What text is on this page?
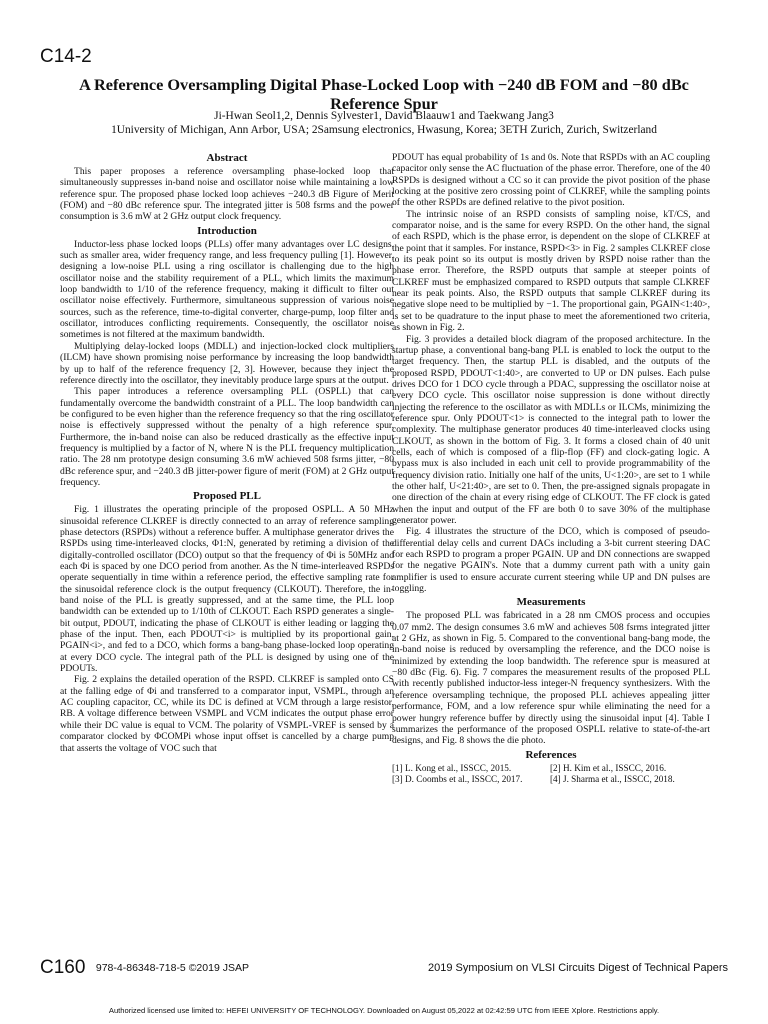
C14-2
A Reference Oversampling Digital Phase-Locked Loop with −240 dB FOM and −80 dBc Reference Spur
Ji-Hwan Seol1,2, Dennis Sylvester1, David Blaauw1 and Taekwang Jang3
1University of Michigan, Ann Arbor, USA; 2Samsung electronics, Hwasung, Korea; 3ETH Zurich, Zurich, Switzerland
Abstract

This paper proposes a reference oversampling phase-locked loop that simultaneously suppresses in-band noise and oscillator noise while maintaining a low reference spur. The proposed phase locked loop achieves −240.3 dB Figure of Merit (FOM) and −80 dBc reference spur. The integrated jitter is 508 fsrms and the power consumption is 3.6 mW at 2 GHz output clock frequency.

Introduction

Inductor-less phase locked loops (PLLs) offer many advantages over LC designs, such as smaller area, wider frequency range, and less frequency pulling [1]. However, designing a low-noise PLL using a ring oscillator is challenging due to the high oscillator noise and the stability requirement of a PLL, which limits the maximum loop bandwidth to 1/10 of the reference frequency, making it difficult to filter out oscillator noise effectively. Furthermore, simultaneous suppression of various noise sources, such as the reference, time-to-digital converter, charge-pump, loop filter and oscillator, introduces conflicting requirements. Consequently, the oscillator noise sometimes is not filtered at the maximum bandwidth.

Multiplying delay-locked loops (MDLL) and injection-locked clock multipliers (ILCM) have shown promising noise performance by increasing the loop bandwidth by up to half of the reference frequency [2, 3]. However, because they inject the reference directly into the oscillator, they inevitably produce large spurs at the output.

This paper introduces a reference oversampling PLL (OSPLL) that can fundamentally overcome the bandwidth constraint of a PLL. The loop bandwidth can be configured to be even higher than the reference frequency so that the ring oscillator noise is effectively suppressed without the penalty of a high reference spur. Furthermore, the in-band noise can also be reduced drastically as the effective input frequency is multiplied by a factor of N, where N is the PLL frequency multiplication ratio. The 28 nm prototype design consuming 3.6 mW achieved 508 fsrms jitter, −80 dBc reference spur, and −240.3 dB jitter-power figure of merit (FOM) at 2 GHz output frequency.

Proposed PLL

Fig. 1 illustrates the operating principle of the proposed OSPLL. A 50 MHz sinusoidal reference CLKREF is directly connected to an array of reference sampling phase detectors (RSPDs) without a reference buffer. A multiphase generator drives the RSPDs using time-interleaved clocks, Φ1:N, generated by retiming a division of the digitally-controlled oscillator (DCO) output so that the frequency of Φi is 50MHz and each Φi is spaced by one DCO period from another. As the N time-interleaved RSPDs operate sequentially in time within a reference period, the effective sampling rate for the sinusoidal reference clock is the output frequency (CLKOUT). Therefore, the in-band noise of the PLL is greatly suppressed, and at the same time, the PLL loop bandwidth can be extended up to 1/10th of CLKOUT. Each RSPD generates a single-bit output, PDOUT, indicating the phase of CLKOUT is either leading or lagging the phase of the input. Then, each PDOUT<i> is multiplied by its proportional gain, PGAIN<i>, and fed to a DCO, which forms a bang-bang phase-locked loop operating at every DCO cycle. The integral path of the PLL is designed by using one of the PDOUTs.

Fig. 2 explains the detailed operation of the RSPD. CLKREF is sampled onto CS at the falling edge of Φi and transferred to a comparator input, VSMPL, through an AC coupling capacitor, CC, while its DC is defined at VCM through a large resistor, RB. A voltage difference between VSMPL and VCM indicates the output phase error while their DC value is equal to VCM. The polarity of VSMPL-VREF is sensed by a comparator clocked by ΦCOMPi whose input offset is cancelled by a charge pump that asserts the voltage of VOC such that

PDOUT has equal probability of 1s and 0s. Note that RSPDs with an AC coupling capacitor only sense the AC fluctuation of the phase error. Therefore, one of the 40 RSPDs is designed without a CC so it can provide the pivot position of the phase locking at the positive zero crossing point of CLKREF, while the sampling points of the other RSPDs are defined relative to the pivot position.

The intrinsic noise of an RSPD consists of sampling noise, kT/CS, and comparator noise, and is the same for every RSPD. On the other hand, the signal of each RSPD, which is the phase error, is dependent on the slope of CLKREF at the point that it samples. For instance, RSPD<3> in Fig. 2 samples CLKREF close to its peak point so its output is mostly driven by RSPD noise rather than the phase error. Therefore, the RSPD outputs that sample at steeper points of CLKREF must be emphasized compared to RSPD outputs that sample CLKREF near its peak points. Also, the RSPD outputs that sample CLKREF during its negative slope need to be multiplied by −1. The proportional gain, PGAIN<1:40>, is set to be quadrature to the input phase to meet the aforementioned two criteria, as shown in Fig. 2.

Fig. 3 provides a detailed block diagram of the proposed architecture. In the startup phase, a conventional bang-bang PLL is enabled to lock the output to the target frequency. Then, the startup PLL is disabled, and the outputs of the proposed RSPD, PDOUT<1:40>, are converted to UP or DN pulses. Each pulse drives DCO for 1 DCO cycle through a PDAC, suppressing the oscillator noise at every DCO cycle. This oscillator noise suppression is done without directly injecting the reference to the oscillator as with MDLLs or ILCMs, minimizing the reference spur. Only PDOUT<1> is connected to the integral path to lower the complexity. The multiphase generator produces 40 time-interleaved clocks using CLKOUT, as shown in the bottom of Fig. 3. It forms a closed chain of 40 unit cells, each of which is composed of a flip-flop (FF) and clock-gating logic. A bypass mux is also included in each unit cell to provide programmability of the frequency division ratio. Initially one half of the units, U<1:20>, are set to 1 while the other half, U<21:40>, are set to 0. Then, the pre-assigned signals propagate in one direction of the chain at every rising edge of CLKOUT. The FF clock is gated when the input and output of the FF are both 0 to save 30% of the multiphase generator power.

Fig. 4 illustrates the structure of the DCO, which is composed of pseudo-differential delay cells and current DACs including a 3-bit current steering DAC for each RSPD to program a proper PGAIN. UP and DN connections are swapped for the negative PGAIN's. Note that a dummy current path with a unity gain amplifier is used to ensure accurate current steering while UP and DN pulses are toggling.

Measurements

The proposed PLL was fabricated in a 28 nm CMOS process and occupies 0.07 mm2. The design consumes 3.6 mW and achieves 508 fsrms integrated jitter at 2 GHz, as shown in Fig. 5. Compared to the conventional bang-bang mode, the in-band noise is reduced by oversampling the reference, and the DCO noise is minimized by extending the loop bandwidth. The reference spur is measured at −80 dBc (Fig. 6). Fig. 7 compares the measurement results of the proposed PLL with recently published inductor-less integer-N frequency synthesizers. With the reference oversampling technique, the proposed PLL achieves appealing jitter performance, FOM, and a low reference spur while eliminating the need for a power hungry reference buffer by directly using the sinusoidal input [4]. Table I summarizes the performance of the proposed OSPLL relative to state-of-the-art designs, and Fig. 8 shows the die photo.

References
[1] L. Kong et al., ISSCC, 2015.	[2] H. Kim et al., ISSCC, 2016.
[3] D. Coombs et al., ISSCC, 2017.	[4] J. Sharma et al., ISSCC, 2018.
C160 978-4-86348-718-5 ©2019 JSAP	2019 Symposium on VLSI Circuits Digest of Technical Papers
Authorized licensed use limited to: HEFEI UNIVERSITY OF TECHNOLOGY. Downloaded on August 05,2022 at 02:42:59 UTC from IEEE Xplore. Restrictions apply.
